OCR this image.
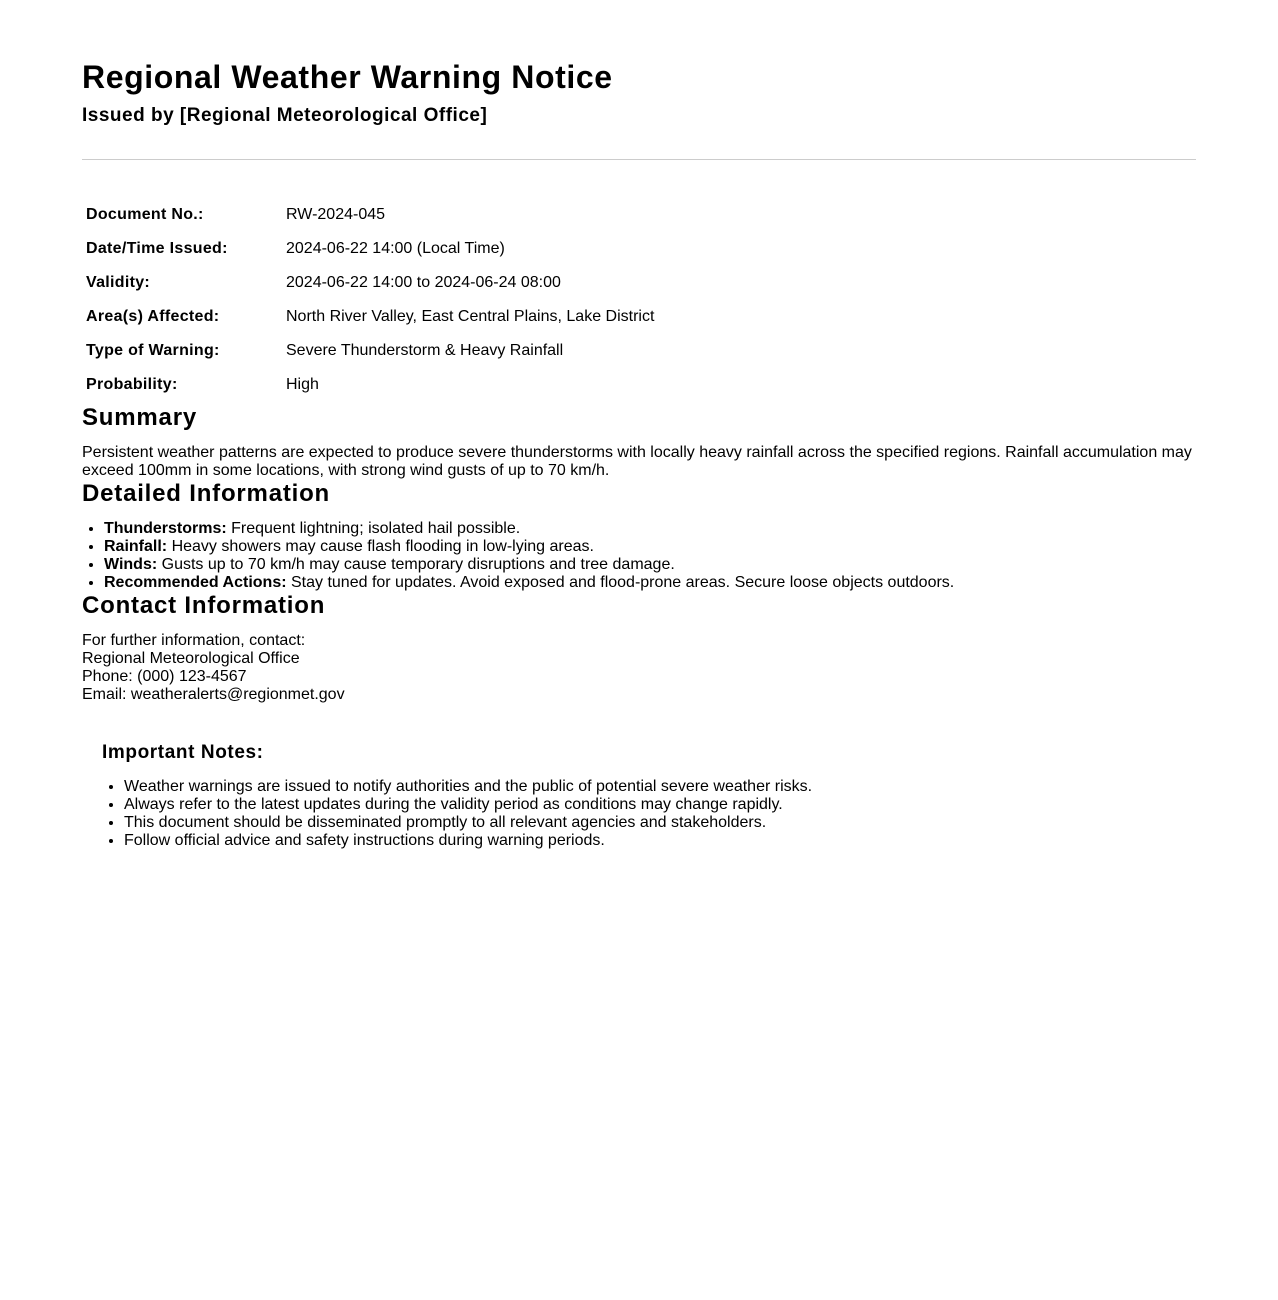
Regional Weather Warning Notice
Issued by [Regional Meteorological Office]
Document No.:	RW-2024-045
Date/Time Issued:	2024-06-22 14:00 (Local Time)
Validity:	2024-06-22 14:00 to 2024-06-24 08:00
Area(s) Affected:	North River Valley, East Central Plains, Lake District
Type of Warning:	Severe Thunderstorm & Heavy Rainfall
Probability:	High
Summary
Persistent weather patterns are expected to produce severe thunderstorms with locally heavy rainfall across the specified regions. Rainfall accumulation may exceed 100mm in some locations, with strong wind gusts of up to 70 km/h.
Detailed Information
• Thunderstorms: Frequent lightning; isolated hail possible.
• Rainfall: Heavy showers may cause flash flooding in low-lying areas.
• Winds: Gusts up to 70 km/h may cause temporary disruptions and tree damage.
• Recommended Actions: Stay tuned for updates. Avoid exposed and flood-prone areas. Secure loose objects outdoors.
Contact Information
For further information, contact:
Regional Meteorological Office
Phone: (000) 123-4567
Email: weatheralerts@regionmet.gov
Important Notes:
• Weather warnings are issued to notify authorities and the public of potential severe weather risks.
• Always refer to the latest updates during the validity period as conditions may change rapidly.
• This document should be disseminated promptly to all relevant agencies and stakeholders.
• Follow official advice and safety instructions during warning periods.
